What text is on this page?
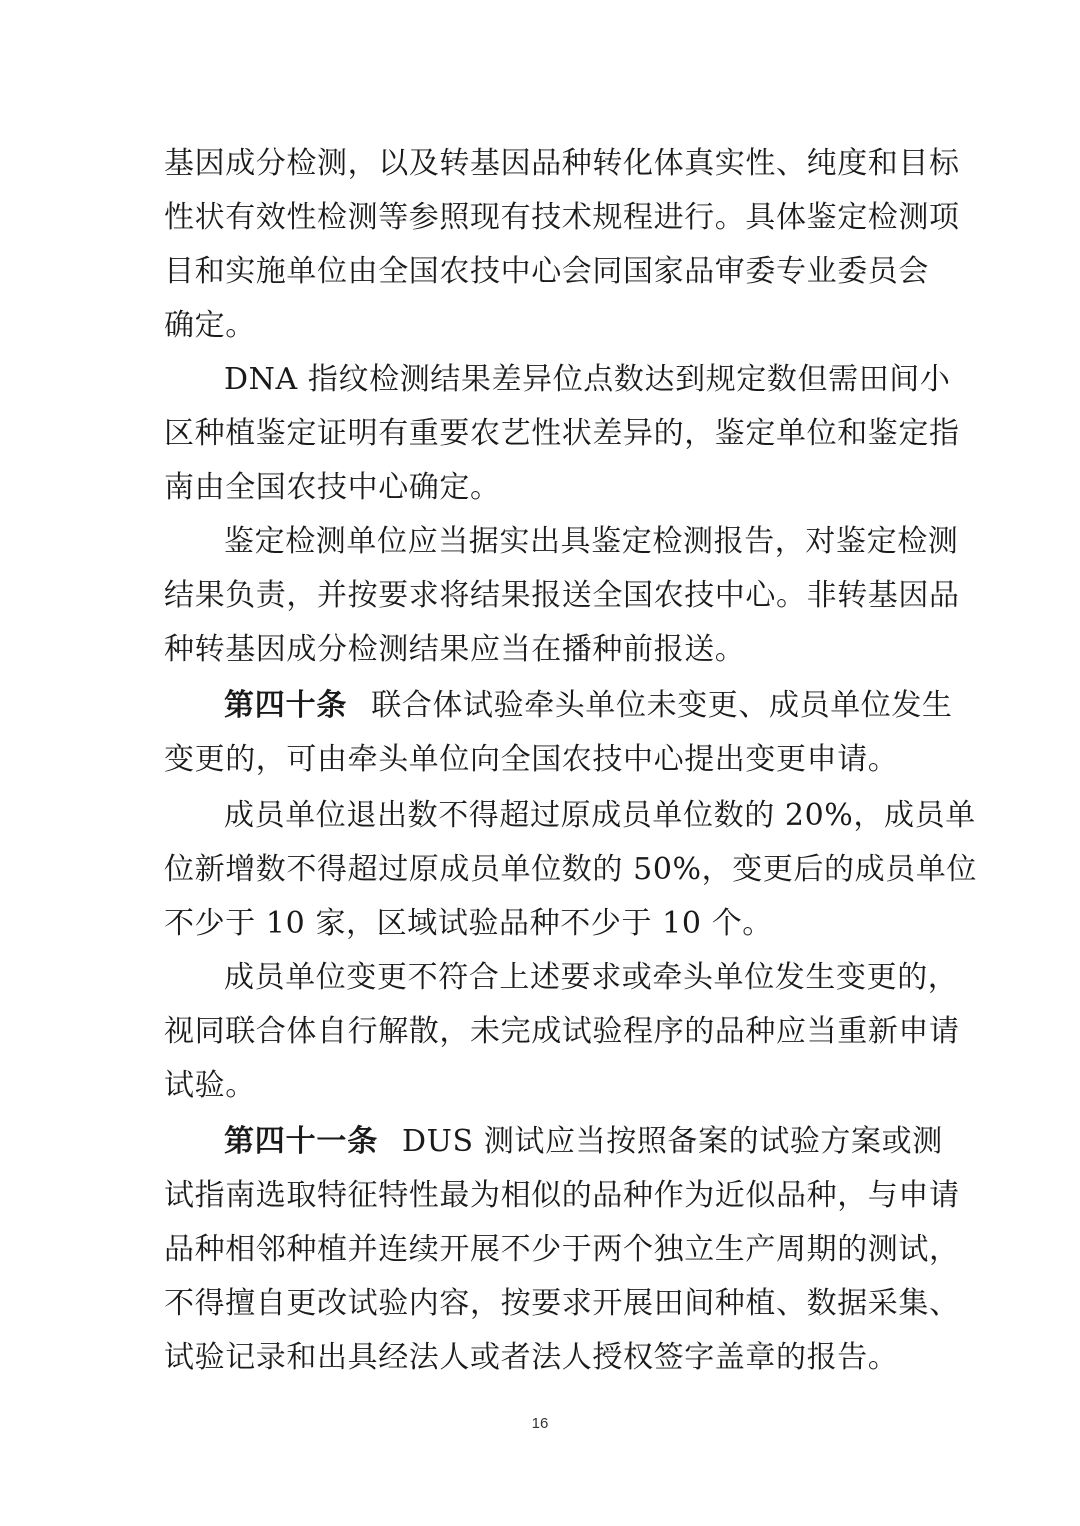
基因成分检测，以及转基因品种转化体真实性、纯度和目标
性状有效性检测等参照现有技术规程进行。具体鉴定检测项
目和实施单位由全国农技中心会同国家品审委专业委员会
确定。
DNA 指纹检测结果差异位点数达到规定数但需田间小
区种植鉴定证明有重要农艺性状差异的，鉴定单位和鉴定指
南由全国农技中心确定。
鉴定检测单位应当据实出具鉴定检测报告，对鉴定检测
结果负责，并按要求将结果报送全国农技中心。非转基因品
种转基因成分检测结果应当在播种前报送。
第四十条 联合体试验牵头单位未变更、成员单位发生
变更的，可由牵头单位向全国农技中心提出变更申请。
成员单位退出数不得超过原成员单位数的 20%，成员单
位新增数不得超过原成员单位数的 50%，变更后的成员单位
不少于 10 家，区域试验品种不少于 10 个。
成员单位变更不符合上述要求或牵头单位发生变更的，
视同联合体自行解散，未完成试验程序的品种应当重新申请
试验。
第四十一条 DUS 测试应当按照备案的试验方案或测
试指南选取特征特性最为相似的品种作为近似品种，与申请
品种相邻种植并连续开展不少于两个独立生产周期的测试，
不得擅自更改试验内容，按要求开展田间种植、数据采集、
试验记录和出具经法人或者法人授权签字盖章的报告。
16
